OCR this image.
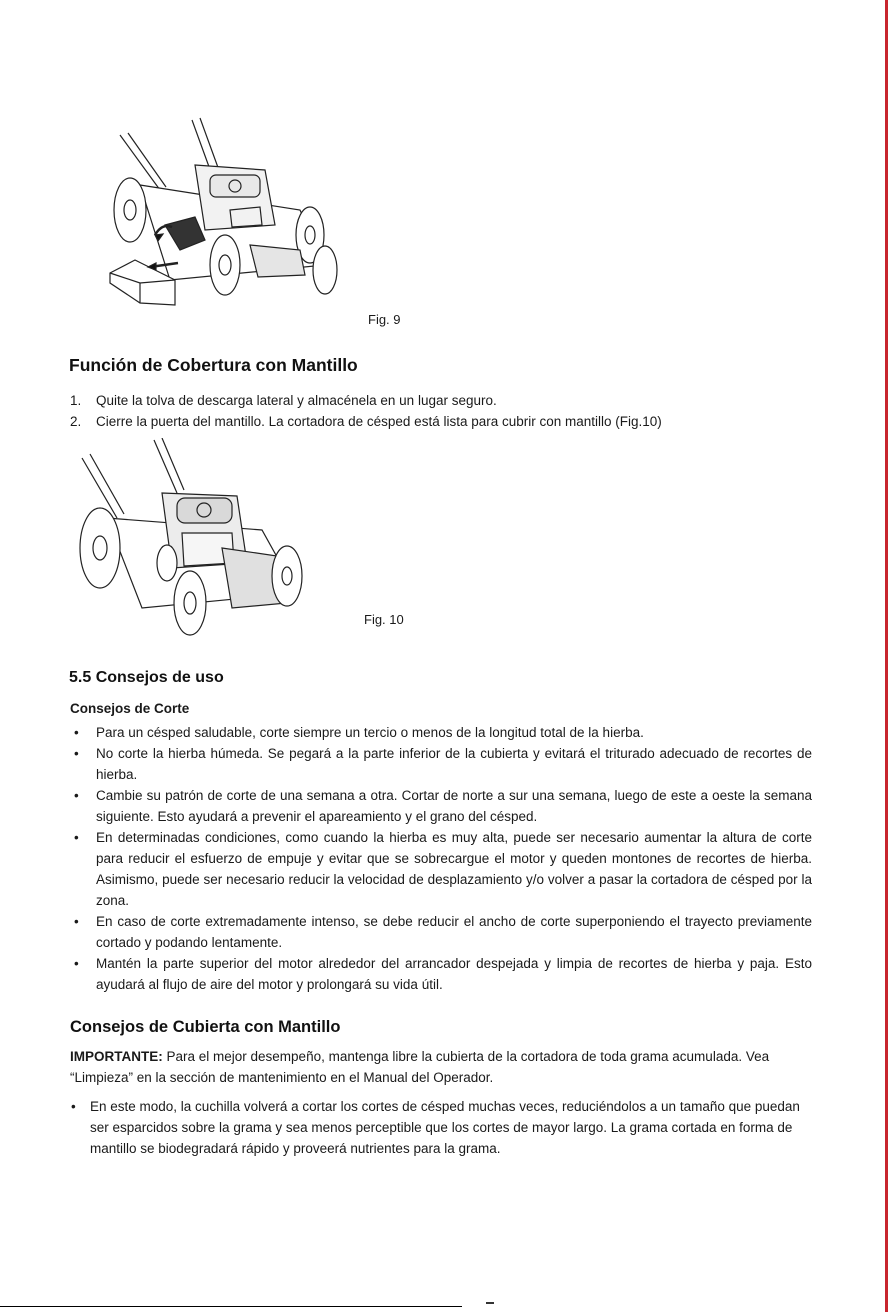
Fig. 9
Función de Cobertura con Mantillo
1.	Quite la tolva de descarga lateral y almacénela en un lugar seguro.
2.	Cierre la puerta del mantillo. La cortadora de césped está lista para cubrir con mantillo (Fig.10)
Fig. 10
5.5 Consejos de uso
Consejos de Corte
• Para un césped saludable, corte siempre un tercio o menos de la longitud total de la hierba.
• No corte la hierba húmeda. Se pegará a la parte inferior de la cubierta y evitará el triturado adecuado de recortes de hierba.
• Cambie su patrón de corte de una semana a otra. Cortar de norte a sur una semana, luego de este a oeste la semana siguiente. Esto ayudará a prevenir el apareamiento y el grano del césped.
• En determinadas condiciones, como cuando la hierba es muy alta, puede ser necesario aumentar la altura de corte para reducir el esfuerzo de empuje y evitar que se sobrecargue el motor y queden montones de recortes de hierba. Asimismo, puede ser necesario reducir la velocidad de desplazamiento y/o volver a pasar la cortadora de césped por la zona.
• En caso de corte extremadamente intenso, se debe reducir el ancho de corte superponiendo el trayecto previamente cortado y podando lentamente.
• Mantén la parte superior del motor alrededor del arrancador despejada y limpia de recortes de hierba y paja. Esto ayudará al flujo de aire del motor y prolongará su vida útil.
Consejos de Cubierta con Mantillo

IMPORTANTE: Para el mejor desempeño, mantenga libre la cubierta de la cortadora de toda grama acumulada. Vea “Limpieza” en la sección de mantenimiento en el Manual del Operador.

• En este modo, la cuchilla volverá a cortar los cortes de césped muchas veces, reduciéndolos a un tamaño que puedan ser esparcidos sobre la grama y sea menos perceptible que los cortes de mayor largo. La grama cortada en forma de mantillo se biodegradará rápido y proveerá nutrientes para la grama.
